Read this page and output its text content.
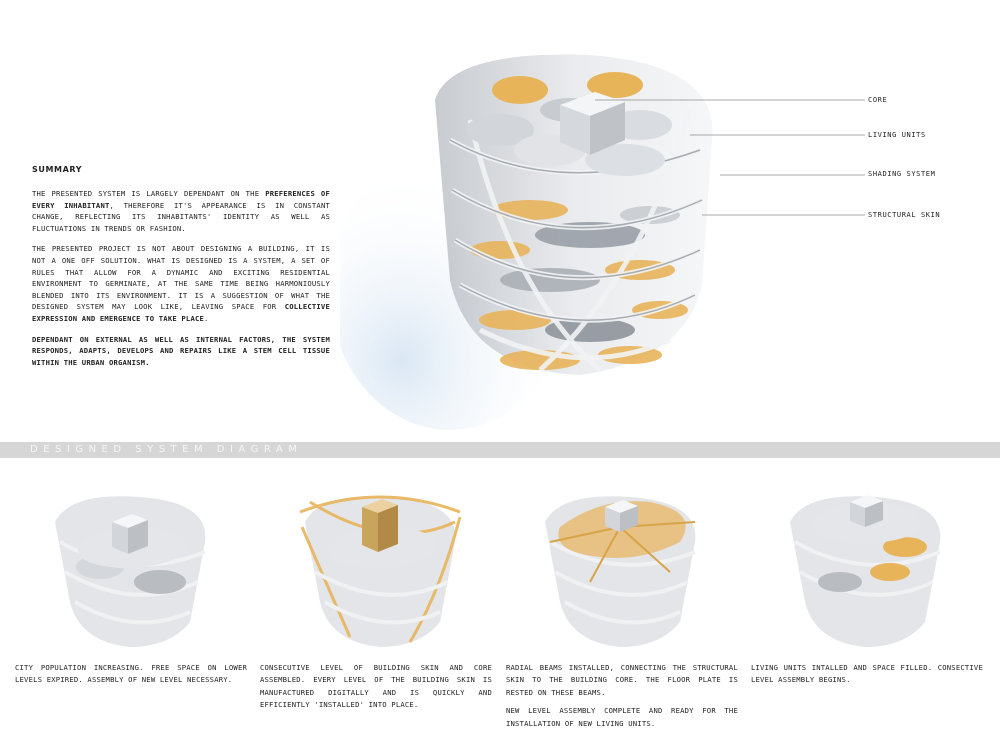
SUMMARY

THE PRESENTED SYSTEM IS LARGELY DEPENDANT ON THE PREFERENCES OF EVERY INHABITANT, THEREFORE IT'S APPEARANCE IS IN CONSTANT CHANGE, REFLECTING ITS INHABITANTS' IDENTITY AS WELL AS FLUCTUATIONS IN TRENDS OR FASHION.

THE PRESENTED PROJECT IS NOT ABOUT DESIGNING A BUILDING, IT IS NOT A ONE OFF SOLUTION. WHAT IS DESIGNED IS A SYSTEM, A SET OF RULES THAT ALLOW FOR A DYNAMIC AND EXCITING RESIDENTIAL ENVIRONMENT TO GERMINATE, AT THE SAME TIME BEING HARMONIOUSLY BLENDED INTO ITS ENVIRONMENT. IT IS A SUGGESTION OF WHAT THE DESIGNED SYSTEM MAY LOOK LIKE, LEAVING SPACE FOR COLLECTIVE EXPRESSION AND EMERGENCE TO TAKE PLACE.

DEPENDANT ON EXTERNAL AS WELL AS INTERNAL FACTORS, THE SYSTEM RESPONDS, ADAPTS, DEVELOPS AND REPAIRS LIKE A STEM CELL TISSUE WITHIN THE URBAN ORGANISM.

CORE
LIVING UNITS
SHADING SYSTEM
STRUCTURAL SKIN
DESIGNED SYSTEM DIAGRAM

CITY POPULATION INCREASING. FREE SPACE ON LOWER LEVELS EXPIRED. ASSEMBLY OF NEW LEVEL NECESSARY.

CONSECUTIVE LEVEL OF BUILDING SKIN AND CORE ASSEMBLED. EVERY LEVEL OF THE BUILDING SKIN IS MANUFACTURED DIGITALLY AND IS QUICKLY AND EFFICIENTLY 'INSTALLED' INTO PLACE.

RADIAL BEAMS INSTALLED, CONNECTING THE STRUCTURAL SKIN TO THE BUILDING CORE. THE FLOOR PLATE IS RESTED ON THESE BEAMS.

NEW LEVEL ASSEMBLY COMPLETE AND READY FOR THE INSTALLATION OF NEW LIVING UNITS.

LIVING UNITS INTALLED AND SPACE FILLED. CONSECTIVE LEVEL ASSEMBLY BEGINS.
